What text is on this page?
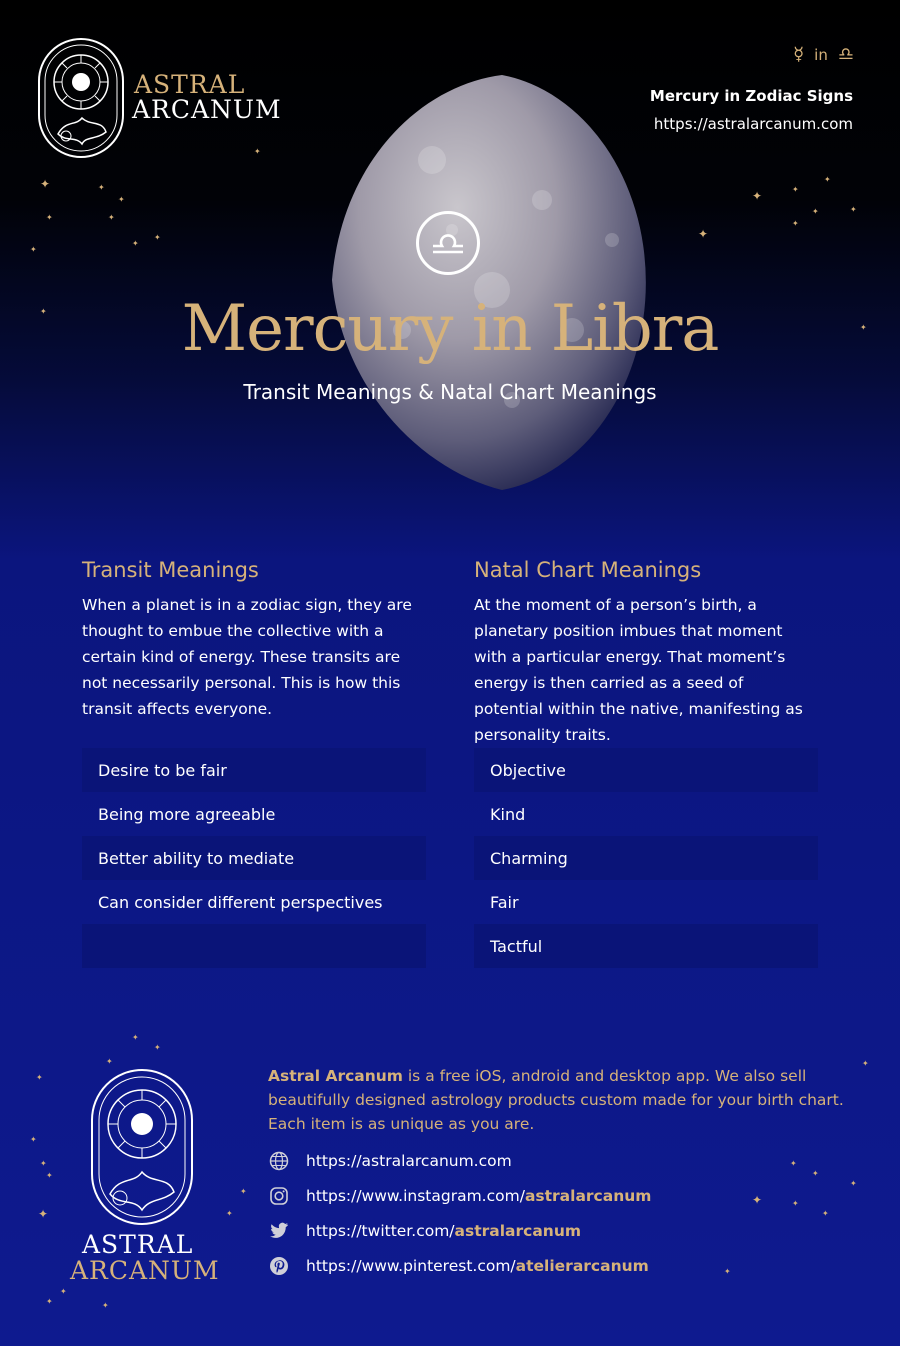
✦	✦
✦
✦	✦
✦
✦
✦
✦
✦
✦	✦
✦
✦	✦
✦
✦
✦
✦
✦
✦
✦
✦
✦
✦
✦
✦
✦
✦
✦	✦
✦
✦
✦
✦
✦	✦
✦
✦
ASTRAL
ARCANUM
☿ in ♎
Mercury in Zodiac Signs
https://astralarcanum.com
Mercury in Libra
Transit Meanings & Natal Chart Meanings
Transit Meanings
When a planet is in a zodiac sign, they are thought to embue the collective with a certain kind of energy. These transits are not necessarily personal. This is how this transit affects everyone.
Natal Chart Meanings
At the moment of a person’s birth, a planetary position imbues that moment with a particular energy. That moment’s energy is then carried as a seed of potential within the native, manifesting as personality traits.
Desire to be fair
Being more agreeable
Better ability to mediate
Can consider different perspectives
Objective
Kind
Charming
Fair
Tactful
ASTRAL
ARCANUM
Astral Arcanum is a free iOS, android and desktop app. We also sell beautifully designed astrology products custom made for your birth chart. Each item is as unique as you are.
https://astralarcanum.com
https://www.instagram.com/ astralarcanum
https://twitter.com/ astralarcanum
https://www.pinterest.com/ atelierarcanum
